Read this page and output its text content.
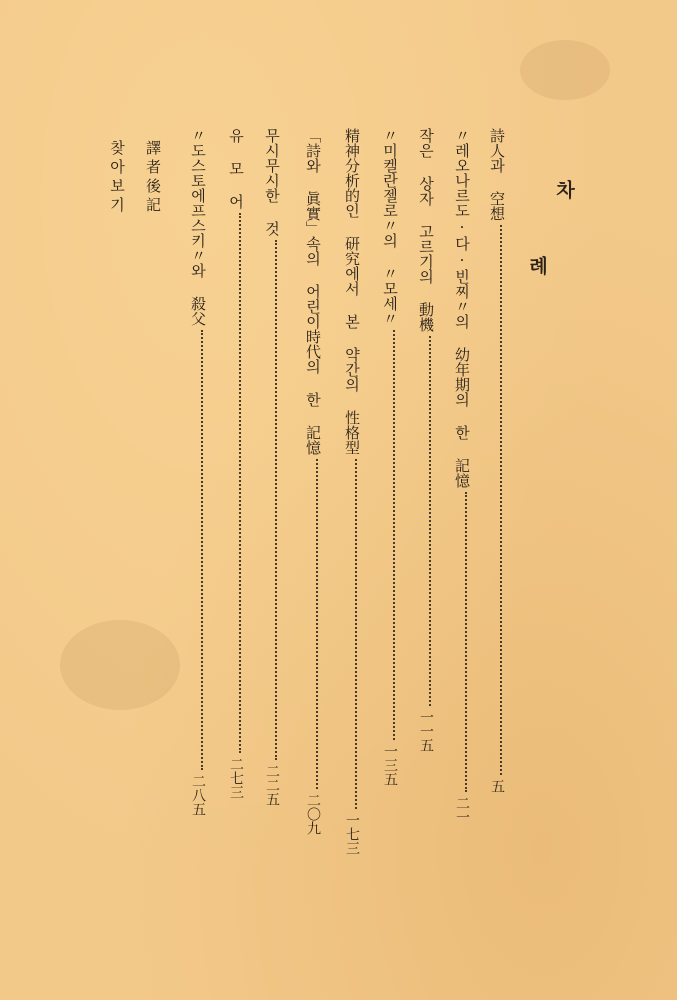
차
례
詩人과 空想五
〃레오나르도·다·빈찌〃의 幼年期의 한 記憶二一
작은 상자 고르기의 動機一一五
〃미켈란젤로〃의 〃모세〃一三五
精神分析的인 研究에서 본 약간의 性格型一七三
「詩와 眞實」속의 어린이時代의 한 記憶二〇九
무시무시한 것二二五
유 모 어二七三
〃도스토에프스키〃와 殺父二八五
譯者後記
찾아보기
